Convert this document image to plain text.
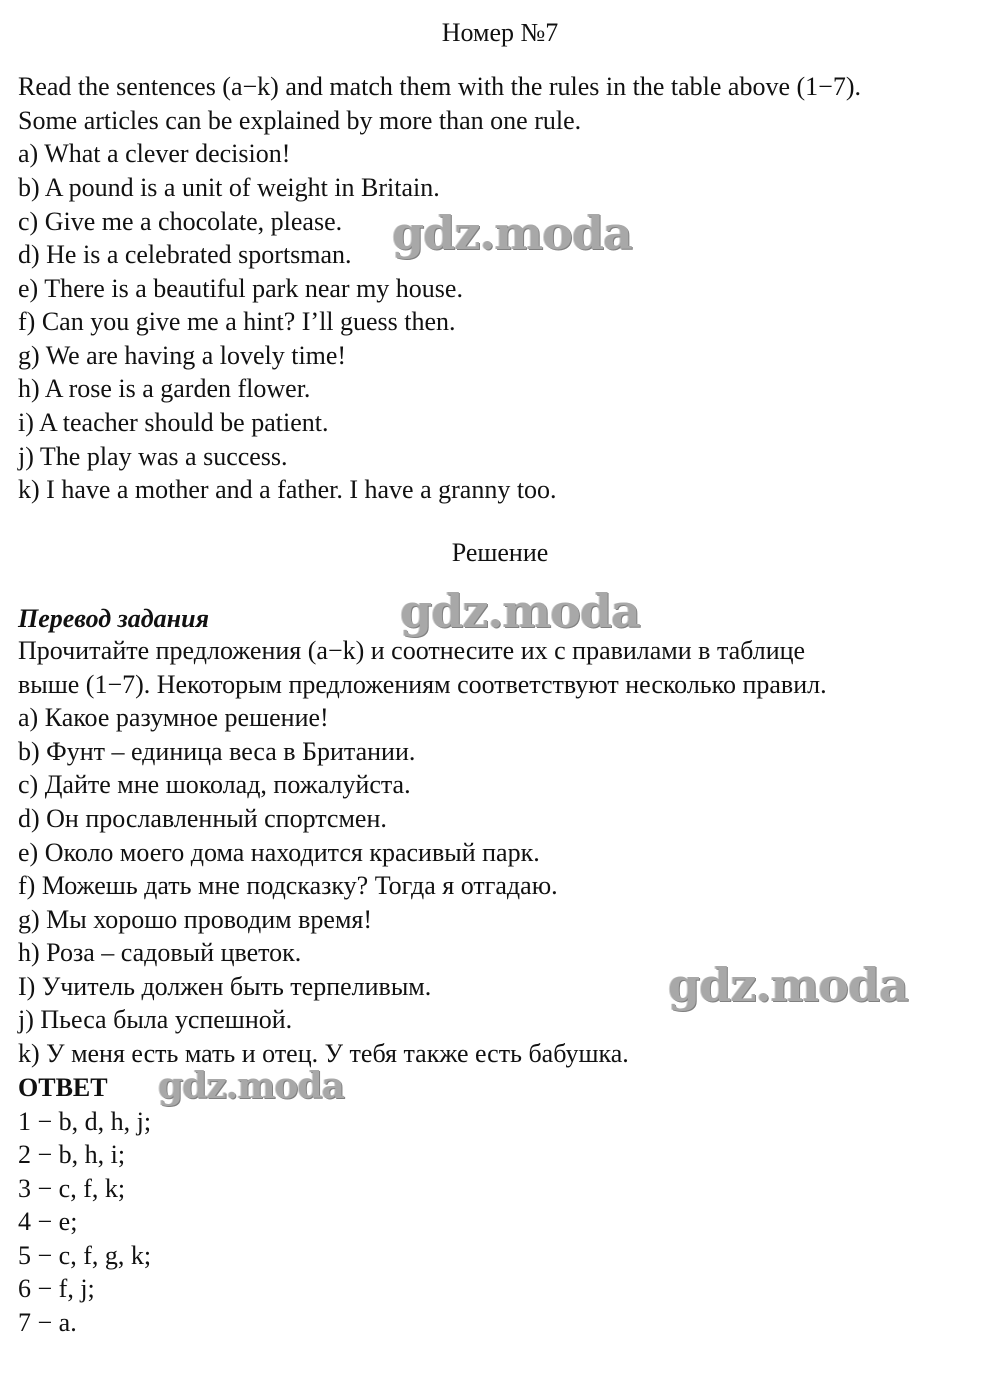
Номер №7

Read the sentences (a−k) and match them with the rules in the table above (1−7).

Some articles can be explained by more than one rule.

a) What a clever decision!

b) A pound is a unit of weight in Britain.

c) Give me a chocolate, please.

d) He is a celebrated sportsman.

e) There is a beautiful park near my house.

f) Can you give me a hint? I’ll guess then.

g) We are having a lovely time!

h) A rose is a garden flower.

i) A teacher should be patient.

j) The play was a success.

k) I have a mother and a father. I have a granny too.

Решение

Перевод задания

Прочитайте предложения (a−k) и соотнесите их с правилами в таблице

выше (1−7). Некоторым предложениям соответствуют несколько правил.

a) Какое разумное решение!

b) Фунт – единица веса в Британии.

c) Дайте мне шоколад, пожалуйста.

d) Он прославленный спортсмен.

e) Около моего дома находится красивый парк.

f) Можешь дать мне подсказку? Тогда я отгадаю.

g) Мы хорошо проводим время!

h) Роза – садовый цветок.

I) Учитель должен быть терпеливым.

j) Пьеса была успешной.

k) У меня есть мать и отец. У тебя также есть бабушка.

ОТВЕТ

1 − b, d, h, j;

2 − b, h, i;

3 − c, f, k;

4 − e;

5 − c, f, g, k;

6 − f, j;

7 − a.

gdz.moda

gdz.moda

gdz.moda

gdz.moda
